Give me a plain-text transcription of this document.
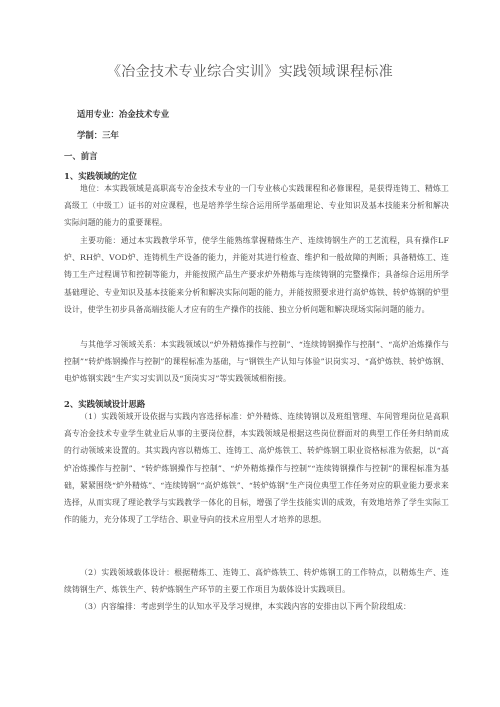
《冶金技术专业综合实训》实践领域课程标准
适用专业：冶金技术专业
学制：三年
一、前言
1、实践领域的定位

地位：本实践领域是高职高专冶金技术专业的一门专业核心实践课程和必修课程，是获得连铸工、精炼工高级工（中级工）证书的对应课程，也是培养学生综合运用所学基础理论、专业知识及基本技能来分析和解决实际问题的能力的重要课程。

主要功能：通过本实践教学环节，使学生能熟练掌握精炼生产、连续铸钢生产的工艺流程，具有操作LF炉、RH炉、VOD炉、连铸机生产设备的能力，并能对其进行检查、维护和一般故障的判断；具备精炼工、连铸工生产过程调节和控制等能力，并能按照产品生产要求炉外精炼与连续铸钢的完整操作；具备综合运用所学基础理论、专业知识及基本技能来分析和解决实际问题的能力，并能按照要求进行高炉炼铁、转炉炼钢的炉型设计，使学生初步具备高端技能人才应有的生产操作的技能、独立分析问题和解决现场实际问题的能力。

与其他学习领域关系：本实践领域以“炉外精炼操作与控制”、“连续铸钢操作与控制”、“高炉冶炼操作与控制”“转炉炼钢操作与控制”的课程标准为基础，与“钢铁生产认知与体验”识岗实习、“高炉炼铁、转炉炼钢、电炉炼钢实践”生产实习实训以及“顶岗实习”等实践领域相衔接。

2、实践领域设计思路

（1）实践领域开设依据与实践内容选择标准：炉外精炼、连续铸钢以及班组管理、车间管理岗位是高职高专冶金技术专业学生就业后从事的主要岗位群，本实践领域是根据这些岗位群面对的典型工作任务归纳而成的行动领域来设置的。其实践内容以精炼工、连铸工、高炉炼铁工、转炉炼钢工职业资格标准为依据，以“高炉冶炼操作与控制”、“转炉炼钢操作与控制”、“炉外精炼操作与控制”“连续铸钢操作与控制”的课程标准为基础，紧紧围绕“炉外精炼”、“连续铸钢”“高炉炼铁”、“转炉炼钢”生产岗位典型工作任务对应的职业能力要求来选择，从而实现了理论教学与实践教学一体化的目标，增强了学生技能实训的成效，有效地培养了学生实际工作的能力，充分体现了工学结合、职业导向的技术应用型人才培养的思想。

（2）实践领域载体设计：根据精炼工、连铸工、高炉炼铁工、转炉炼钢工的工作特点，以精炼生产、连续铸钢生产、炼铁生产、转炉炼钢生产环节的主要工作项目为载体设计实践项目。

（3）内容编排：考虑到学生的认知水平及学习规律，本实践内容的安排由以下两个阶段组成：
